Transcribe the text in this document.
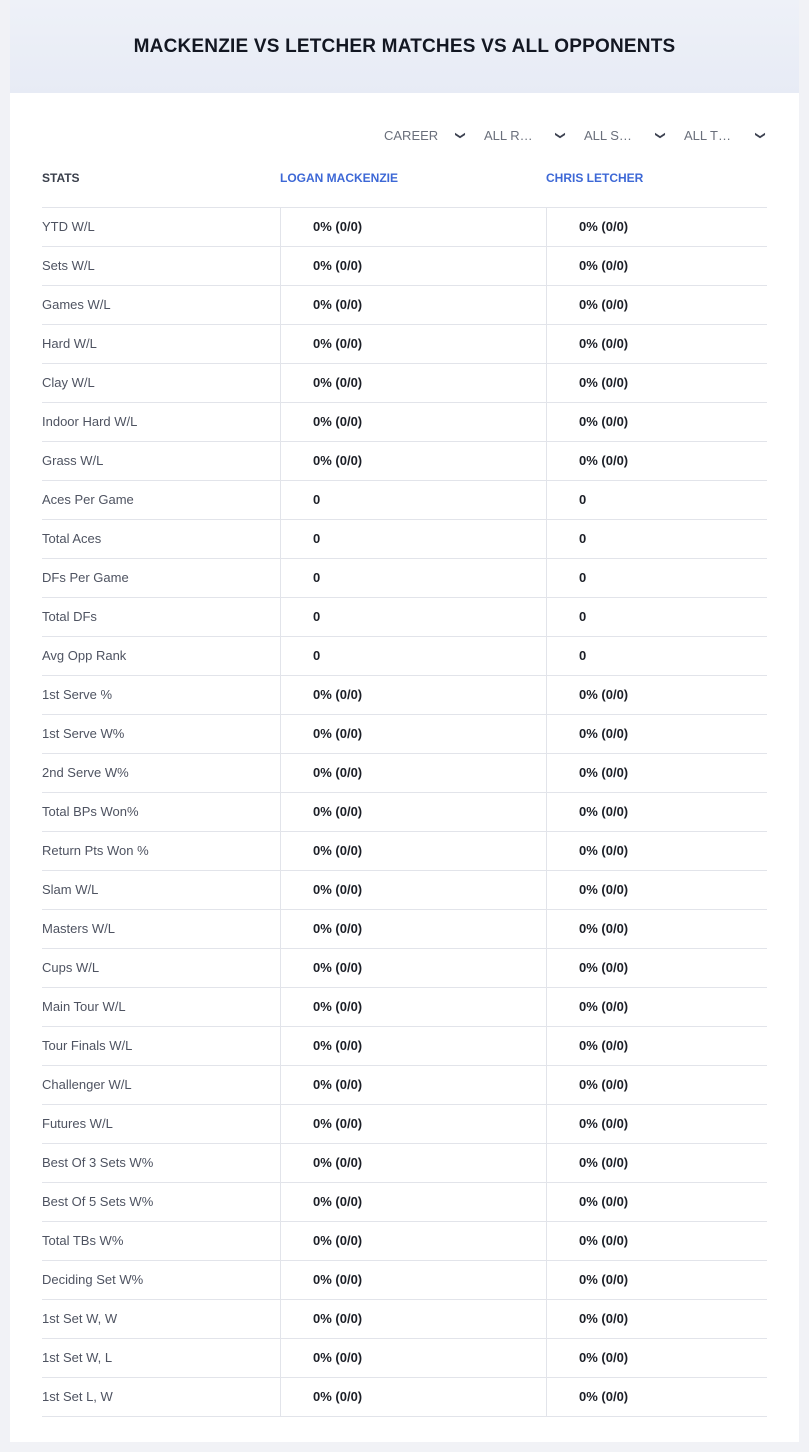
MACKENZIE VS LETCHER MATCHES VS ALL OPPONENTS
CAREER ❯ ALL R… ❯ ALL S… ❯ ALL T… ❯
STATS	LOGAN MACKENZIE	CHRIS LETCHER
YTD W/L	0% (0/0)	0% (0/0)
Sets W/L	0% (0/0)	0% (0/0)
Games W/L	0% (0/0)	0% (0/0)
Hard W/L	0% (0/0)	0% (0/0)
Clay W/L	0% (0/0)	0% (0/0)
Indoor Hard W/L	0% (0/0)	0% (0/0)
Grass W/L	0% (0/0)	0% (0/0)
Aces Per Game	0	0
Total Aces	0	0
DFs Per Game	0	0
Total DFs	0	0
Avg Opp Rank	0	0
1st Serve %	0% (0/0)	0% (0/0)
1st Serve W%	0% (0/0)	0% (0/0)
2nd Serve W%	0% (0/0)	0% (0/0)
Total BPs Won%	0% (0/0)	0% (0/0)
Return Pts Won %	0% (0/0)	0% (0/0)
Slam W/L	0% (0/0)	0% (0/0)
Masters W/L	0% (0/0)	0% (0/0)
Cups W/L	0% (0/0)	0% (0/0)
Main Tour W/L	0% (0/0)	0% (0/0)
Tour Finals W/L	0% (0/0)	0% (0/0)
Challenger W/L	0% (0/0)	0% (0/0)
Futures W/L	0% (0/0)	0% (0/0)
Best Of 3 Sets W%	0% (0/0)	0% (0/0)
Best Of 5 Sets W%	0% (0/0)	0% (0/0)
Total TBs W%	0% (0/0)	0% (0/0)
Deciding Set W%	0% (0/0)	0% (0/0)
1st Set W, W	0% (0/0)	0% (0/0)
1st Set W, L	0% (0/0)	0% (0/0)
1st Set L, W	0% (0/0)	0% (0/0)
